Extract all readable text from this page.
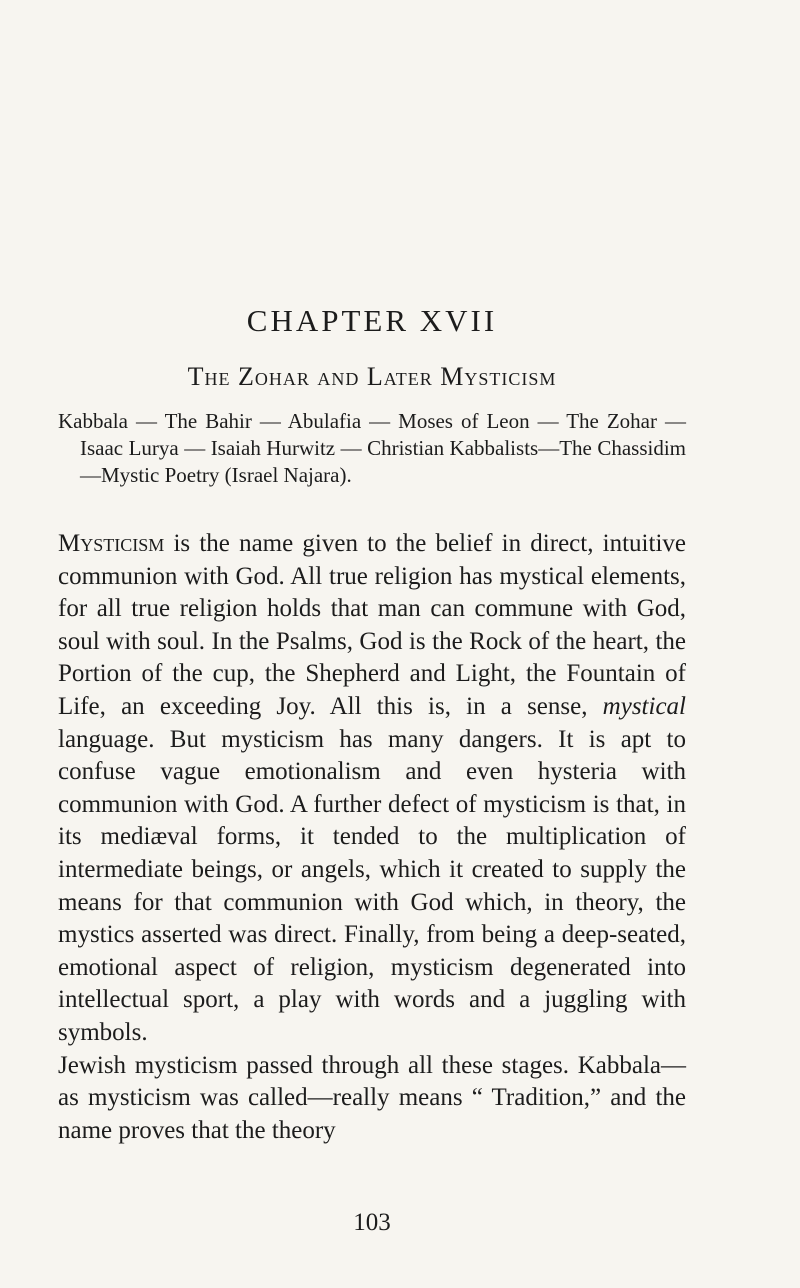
CHAPTER XVII
The Zohar and Later Mysticism

Kabbala — The Bahir — Abulafia — Moses of Leon — The Zohar — Isaac Lurya — Isaiah Hurwitz — Christian Kabbalists—The Chassidim—Mystic Poetry (Israel Najara).

Mysticism is the name given to the belief in direct, intuitive communion with God. All true religion has mystical elements, for all true religion holds that man can commune with God, soul with soul. In the Psalms, God is the Rock of the heart, the Portion of the cup, the Shepherd and Light, the Fountain of Life, an exceeding Joy. All this is, in a sense, mystical language. But mysticism has many dangers. It is apt to confuse vague emotionalism and even hysteria with communion with God. A further defect of mysticism is that, in its mediæval forms, it tended to the multiplication of intermediate beings, or angels, which it created to supply the means for that communion with God which, in theory, the mystics asserted was direct. Finally, from being a deep-seated, emotional aspect of religion, mysticism degenerated into intellectual sport, a play with words and a juggling with symbols.

Jewish mysticism passed through all these stages. Kabbala—as mysticism was called—really means “ Tradition,” and the name proves that the theory

103
